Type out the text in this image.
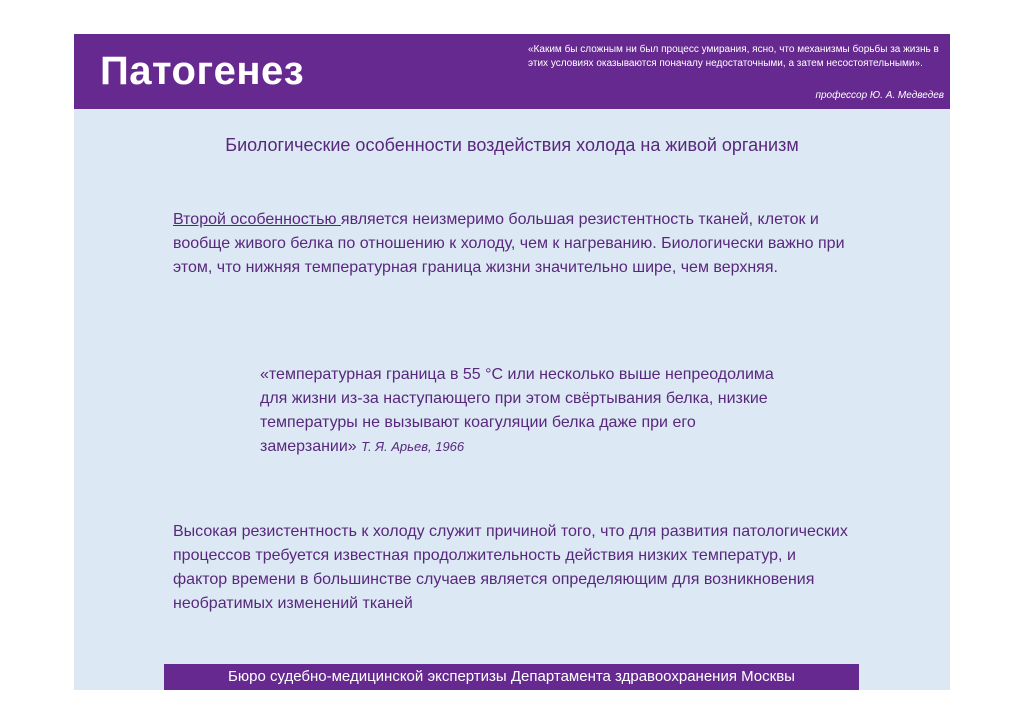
Патогенез	«Каким бы сложным ни был процесс умирания, ясно, что механизмы борьбы за жизнь в этих условиях оказываются поначалу недостаточными, а затем несостоятельными».

профессор Ю. А. Медведев

Биологические особенности воздействия холода на живой организм

Второй особенностью является неизмеримо большая резистентность тканей, клеток и вообще живого белка по отношению к холоду, чем к нагреванию. Биологически важно при этом, что нижняя температурная граница жизни значительно шире, чем верхняя.

«температурная граница в 55 °С или несколько выше непреодолима для жизни из-за наступающего при этом свёртывания белка, низкие температуры не вызывают коагуляции белка даже при его замерзании» Т. Я. Арьев, 1966

Высокая резистентность к холоду служит причиной того, что для развития патологических процессов требуется известная продолжительность действия низких температур, и фактор времени в большинстве случаев является определяющим для возникновения необратимых изменений тканей

Бюро судебно-медицинской экспертизы Департамента здравоохранения Москвы
